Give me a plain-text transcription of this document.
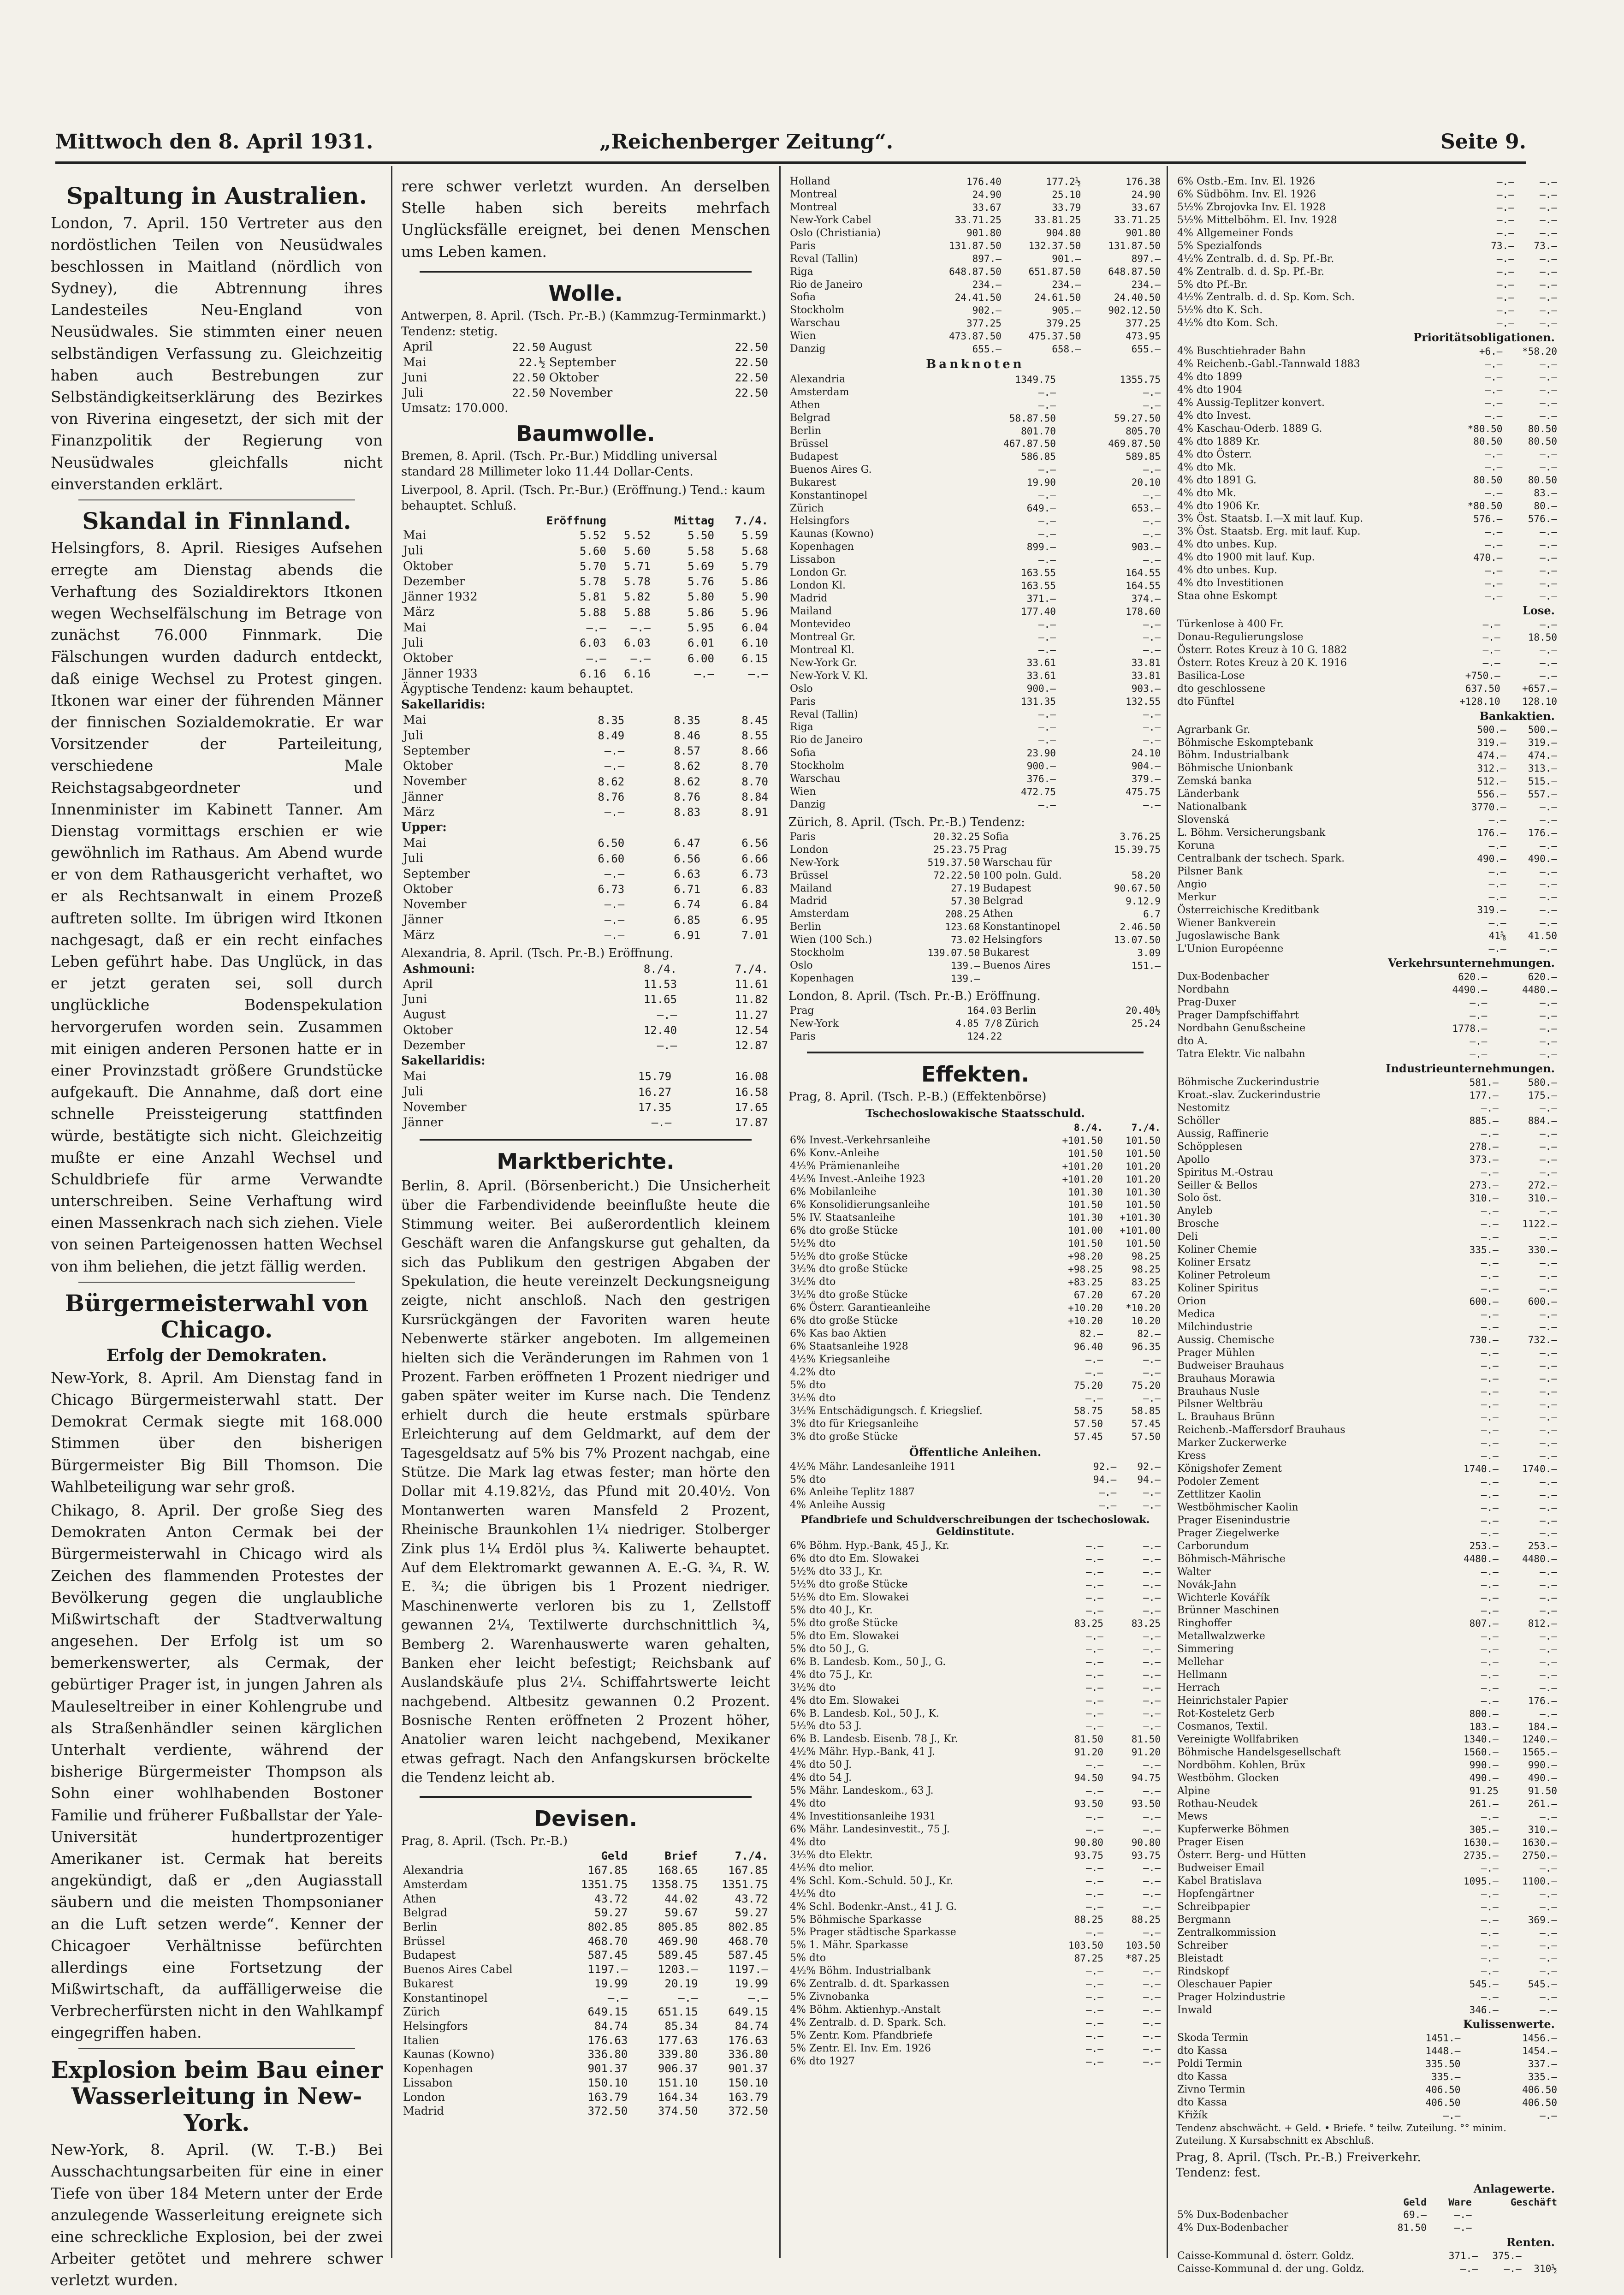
Mittwoch den 8. April 1931.	„Reichenberger Zeitung“.	Seite 9.
Spaltung in Australien.

London, 7. April. 150 Vertreter aus den nordöstlichen Teilen von Neusüdwales beschlossen in Maitland (nördlich von Sydney), die Abtrennung ihres Landesteiles Neu-England von Neusüdwales. Sie stimmten einer neuen selbständigen Verfassung zu. Gleichzeitig haben auch Bestrebungen zur Selbständigkeitserklärung des Bezirkes von Riverina eingesetzt, der sich mit der Finanzpolitik der Regierung von Neusüdwales gleichfalls nicht einverstanden erklärt.

Skandal in Finnland.

Helsingfors, 8. April. Riesiges Aufsehen erregte am Dienstag abends die Verhaftung des Sozialdirektors Itkonen wegen Wechselfälschung im Betrage von zunächst 76.000 Finnmark. Die Fälschungen wurden dadurch entdeckt, daß einige Wechsel zu Protest gingen. Itkonen war einer der führenden Männer der finnischen Sozialdemokratie. Er war Vorsitzender der Parteileitung, verschiedene Male Reichstagsabgeordneter und Innenminister im Kabinett Tanner. Am Dienstag vormittags erschien er wie gewöhnlich im Rathaus. Am Abend wurde er von dem Rathausgericht verhaftet, wo er als Rechtsanwalt in einem Prozeß auftreten sollte. Im übrigen wird Itkonen nachgesagt, daß er ein recht einfaches Leben geführt habe. Das Unglück, in das er jetzt geraten sei, soll durch unglückliche Bodenspekulation hervorgerufen worden sein. Zusammen mit einigen anderen Personen hatte er in einer Provinzstadt größere Grundstücke aufgekauft. Die Annahme, daß dort eine schnelle Preissteigerung stattfinden würde, bestätigte sich nicht. Gleichzeitig mußte er eine Anzahl Wechsel und Schuldbriefe für arme Verwandte unterschreiben. Seine Verhaftung wird einen Massenkrach nach sich ziehen. Viele von seinen Parteigenossen hatten Wechsel von ihm beliehen, die jetzt fällig werden.

Bürgermeisterwahl von Chicago.
Erfolg der Demokraten.

New-York, 8. April. Am Dienstag fand in Chicago Bürgermeisterwahl statt. Der Demokrat Cermak siegte mit 168.000 Stimmen über den bisherigen Bürgermeister Big Bill Thomson. Die Wahlbeteiligung war sehr groß.

Chikago, 8. April. Der große Sieg des Demokraten Anton Cermak bei der Bürgermeisterwahl in Chicago wird als Zeichen des flammenden Protestes der Bevölkerung gegen die unglaubliche Mißwirtschaft der Stadtverwaltung angesehen. Der Erfolg ist um so bemerkenswerter, als Cermak, der gebürtiger Prager ist, in jungen Jahren als Mauleseltreiber in einer Kohlengrube und als Straßenhändler seinen kärglichen Unterhalt verdiente, während der bisherige Bürgermeister Thompson als Sohn einer wohlhabenden Bostoner Familie und früherer Fußballstar der Yale-Universität hundertprozentiger Amerikaner ist. Cermak hat bereits angekündigt, daß er „den Augiasstall säubern und die meisten Thompsonianer an die Luft setzen werde“. Kenner der Chicagoer Verhältnisse befürchten allerdings eine Fortsetzung der Mißwirtschaft, da auffälligerweise die Verbrecherfürsten nicht in den Wahlkampf eingegriffen haben.

Explosion beim Bau einer Wasserleitung in New-York.

New-York, 8. April. (W. T.-B.) Bei Ausschachtungsarbeiten für eine in einer Tiefe von über 184 Metern unter der Erde anzulegende Wasserleitung ereignete sich eine schreckliche Explosion, bei der zwei Arbeiter getötet und mehrere schwer verletzt wurden.

rere schwer verletzt wurden. An derselben Stelle haben sich bereits mehrfach Unglücksfälle ereignet, bei denen Menschen ums Leben kamen.

Wolle.
Antwerpen, 8. April. (Tsch. Pr.-B.) (Kammzug-Terminmarkt.) Tendenz: stetig.
April	22.50	August	22.50
Mai	22.½	September	22.50
Juni	22.50	Oktober	22.50
Juli	22.50	November	22.50
Umsatz: 170.000.
Baumwolle.
Bremen, 8. April. (Tsch. Pr.-Bur.) Middling universal standard 28 Millimeter loko 11.44 Dollar-Cents.
Liverpool, 8. April. (Tsch. Pr.-Bur.) (Eröffnung.) Tend.: kaum behauptet. Schluß.
	Eröffnung		Mittag	7./4.
Mai	5.52	5.52	5.50	5.59
Juli	5.60	5.60	5.58	5.68
Oktober	5.70	5.71	5.69	5.79
Dezember	5.78	5.78	5.76	5.86
Jänner 1932	5.81	5.82	5.80	5.90
März	5.88	5.88	5.86	5.96
Mai	—.—	—.—	5.95	6.04
Juli	6.03	6.03	6.01	6.10
Oktober	—.—	—.—	6.00	6.15
Jänner 1933	6.16	6.16	—.—	—.—
Ägyptische Tendenz: kaum behauptet.
Sakellaridis:
Mai	8.35		8.35	8.45
Juli	8.49		8.46	8.55
September	—.—		8.57	8.66
Oktober	—.—		8.62	8.70
November	8.62		8.62	8.70
Jänner	8.76		8.76	8.84
März	—.—		8.83	8.91
Upper:
Mai	6.50		6.47	6.56
Juli	6.60		6.56	6.66
September	—.—		6.63	6.73
Oktober	6.73		6.71	6.83
November	—.—		6.74	6.84
Jänner	—.—		6.85	6.95
März	—.—		6.91	7.01
Alexandria, 8. April. (Tsch. Pr.-B.) Eröffnung.
Ashmouni:	8./4.	7./4.
April	11.53	11.61
Juni	11.65	11.82
August	—.—	11.27
Oktober	12.40	12.54
Dezember	—.—	12.87
Sakellaridis:
Mai	15.79	16.08
Juli	16.27	16.58
November	17.35	17.65
Jänner	—.—	17.87
Marktberichte.

Berlin, 8. April. (Börsenbericht.) Die Unsicherheit über die Farbendividende beeinflußte heute die Stimmung weiter. Bei außerordentlich kleinem Geschäft waren die Anfangskurse gut gehalten, da sich das Publikum den gestrigen Abgaben der Spekulation, die heute vereinzelt Deckungsneigung zeigte, nicht anschloß. Nach den gestrigen Kursrückgängen der Favoriten waren heute Nebenwerte stärker angeboten. Im allgemeinen hielten sich die Veränderungen im Rahmen von 1 Prozent. Farben eröffneten 1 Prozent niedriger und gaben später weiter im Kurse nach. Die Tendenz erhielt durch die heute erstmals spürbare Erleichterung auf dem Geldmarkt, auf dem der Tagesgeldsatz auf 5% bis 7% Prozent nachgab, eine Stütze. Die Mark lag etwas fester; man hörte den Dollar mit 4.19.82½, das Pfund mit 20.40½. Von Montanwerten waren Mansfeld 2 Prozent, Rheinische Braunkohlen 1¼ niedriger. Stolberger Zink plus 1¼ Erdöl plus ¾. Kaliwerte behauptet. Auf dem Elektromarkt gewannen A. E.-G. ¾, R. W. E. ¾; die übrigen bis 1 Prozent niedriger. Maschinenwerte verloren bis zu 1, Zellstoff gewannen 2¼, Textilwerte durchschnittlich ¾, Bemberg 2. Warenhauswerte waren gehalten, Banken eher leicht befestigt; Reichsbank auf Auslandskäufe plus 2¼. Schiffahrtswerte leicht nachgebend. Altbesitz gewannen 0.2 Prozent. Bosnische Renten eröffneten 2 Prozent höher, Anatolier waren leicht nachgebend, Mexikaner etwas gefragt. Nach den Anfangskursen bröckelte die Tendenz leicht ab.

Devisen.
Prag, 8. April. (Tsch. Pr.-B.)
	Geld	Brief	7./4.
Alexandria	167.85	168.65	167.85
Amsterdam	1351.75	1358.75	1351.75
Athen	43.72	44.02	43.72
Belgrad	59.27	59.67	59.27
Berlin	802.85	805.85	802.85
Brüssel	468.70	469.90	468.70
Budapest	587.45	589.45	587.45
Buenos Aires Cabel	1197.—	1203.—	1197.—
Bukarest	19.99	20.19	19.99
Konstantinopel	—.—	—.—	—.—
Zürich	649.15	651.15	649.15
Helsingfors	84.74	85.34	84.74
Italien	176.63	177.63	176.63
Kaunas (Kowno)	336.80	339.80	336.80
Kopenhagen	901.37	906.37	901.37
Lissabon	150.10	151.10	150.10
London	163.79	164.34	163.79
Madrid	372.50	374.50	372.50
Holland	176.40	177.2½	176.38
Montreal	24.90	25.10	24.90
Montreal	33.67	33.79	33.67
New-York Cabel	33.71.25	33.81.25	33.71.25
Oslo (Christiania)	901.80	904.80	901.80
Paris	131.87.50	132.37.50	131.87.50
Reval (Tallin)	897.—	901.—	897.—
Riga	648.87.50	651.87.50	648.87.50
Rio de Janeiro	234.—	234.—	234.—
Sofia	24.41.50	24.61.50	24.40.50
Stockholm	902.—	905.—	902.12.50
Warschau	377.25	379.25	377.25
Wien	473.87.50	475.37.50	473.95
Danzig	655.—	658.—	655.—
Banknoten
Alexandria	1349.75	1355.75
Amsterdam	—.—	—.—
Athen	—.—	—.—
Belgrad	58.87.50	59.27.50
Berlin	801.70	805.70
Brüssel	467.87.50	469.87.50
Budapest	586.85	589.85
Buenos Aires G.	—.—	—.—
Bukarest	19.90	20.10
Konstantinopel	—.—	—.—
Zürich	649.—	653.—
Helsingfors	—.—	—.—
Kaunas (Kowno)	—.—	—.—
Kopenhagen	899.—	903.—
Lissabon	—.—	—.—
London Gr.	163.55	164.55
London Kl.	163.55	164.55
Madrid	371.—	374.—
Mailand	177.40	178.60
Montevideo	—.—	—.—
Montreal Gr.	—.—	—.—
Montreal Kl.	—.—	—.—
New-York Gr.	33.61	33.81
New-York V. Kl.	33.61	33.81
Oslo	900.—	903.—
Paris	131.35	132.55
Reval (Tallin)	—.—	—.—
Riga	—.—	—.—
Rio de Janeiro	—.—	—.—
Sofia	23.90	24.10
Stockholm	900.—	904.—
Warschau	376.—	379.—
Wien	472.75	475.75
Danzig	—.—	—.—
Zürich, 8. April. (Tsch. Pr.-B.) Tendenz:
Paris	20.32.25	Sofia	3.76.25
London	25.23.75	Prag	15.39.75
New-York	519.37.50	Warschau für	
Brüssel	72.22.50	100 poln. Guld.	58.20
Mailand	27.19	Budapest	90.67.50
Madrid	57.30	Belgrad	9.12.9
Amsterdam	208.25	Athen	6.7
Berlin	123.68	Konstantinopel	2.46.50
Wien (100 Sch.)	73.02	Helsingfors	13.07.50
Stockholm	139.07.50	Bukarest	3.09
Oslo	139.—	Buenos Aires	151.—
Kopenhagen	139.—		
London, 8. April. (Tsch. Pr.-B.) Eröffnung.
Prag	164.03	Berlin	20.40½
New-York	4.85 7/8	Zürich	25.24
Paris	124.22		
Effekten.
Prag, 8. April. (Tsch. P.-B.) (Effektenbörse)
Tschechoslowakische Staatsschuld.
	8./4.	7./4.
6% Invest.-Verkehrsanleihe	+101.50	101.50
6% Konv.-Anleihe	101.50	101.50
4½% Prämienanleihe	+101.20	101.20
4½% Invest.-Anleihe 1923	+101.20	101.20
6% Mobilanleihe	101.30	101.30
6% Konsolidierungsanleihe	101.50	101.50
5% IV. Staatsanleihe	101.30	+101.30
6% dto große Stücke	101.00	+101.00
5½% dto	101.50	101.50
5½% dto große Stücke	+98.20	98.25
3½% dto große Stücke	+98.25	98.25
3½% dto	+83.25	83.25
3½% dto große Stücke	67.20	67.20
6% Österr. Garantieanleihe	+10.20	*10.20
6% dto große Stücke	+10.20	10.20
6% Kas bao Aktien	82.—	82.—
6% Staatsanleihe 1928	96.40	96.35
4½% Kriegsanleihe	—.—	—.—
4.2% dto	—.—	—.—
5% dto	75.20	75.20
3½% dto	—.—	—.—
3½% Entschädigungsch. f. Kriegslief.	58.75	58.85
3% dto für Kriegsanleihe	57.50	57.45
3% dto große Stücke	57.45	57.50
Öffentliche Anleihen.
4½% Mähr. Landesanleihe 1911	92.—	92.—
5% dto	94.—	94.—
6% Anleihe Teplitz 1887	—.—	—.—
4% Anleihe Aussig	—.—	—.—
Pfandbriefe und Schuldverschreibungen der tschechoslowak. Geldinstitute.
6% Böhm. Hyp.-Bank, 45 J., Kr.	—.—	—.—
6% dto dto Em. Slowakei	—.—	—.—
5½% dto 33 J., Kr.	—.—	—.—
5½% dto große Stücke	—.—	—.—
5½% dto Em. Slowakei	—.—	—.—
5% dto 40 J., Kr.	—.—	—.—
5% dto große Stücke	83.25	83.25
5% dto Em. Slowakei	—.—	—.—
5% dto 50 J., G.	—.—	—.—
6% B. Landesb. Kom., 50 J., G.	—.—	—.—
4% dto 75 J., Kr.	—.—	—.—
3½% dto	—.—	—.—
4% dto Em. Slowakei	—.—	—.—
6% B. Landesb. Kol., 50 J., K.	—.—	—.—
5½% dto 53 J.	—.—	—.—
6% B. Landesb. Eisenb. 78 J., Kr.	81.50	81.50
4½% Mähr. Hyp.-Bank, 41 J.	91.20	91.20
4% dto 50 J.	—.—	—.—
4% dto 54 J.	94.50	94.75
5% Mähr. Landeskom., 63 J.	—.—	—.—
4% dto	93.50	93.50
4% Investitionsanleihe 1931	—.—	—.—
6% Mähr. Landesinvestit., 75 J.	—.—	—.—
4% dto	90.80	90.80
3½% dto Elektr.	93.75	93.75
4½% dto melior.	—.—	—.—
4% Schl. Kom.-Schuld. 50 J., Kr.	—.—	—.—
4½% dto	—.—	—.—
4% Schl. Bodenkr.-Anst., 41 J. G.	—.—	—.—
5% Böhmische Sparkasse	88.25	88.25
5% Prager städtische Sparkasse	—.—	—.—
5% 1. Mähr. Sparkasse	103.50	103.50
5% dto	87.25	*87.25
4½% Böhm. Industrialbank	—.—	—.—
6% Zentralb. d. dt. Sparkassen	—.—	—.—
5% Zivnobanka	—.—	—.—
4% Böhm. Aktienhyp.-Anstalt	—.—	—.—
4% Zentralb. d. D. Spark. Sch.	—.—	—.—
5% Zentr. Kom. Pfandbriefe	—.—	—.—
5% Zentr. El. Inv. Em. 1926	—.—	—.—
6% dto 1927	—.—	—.—
6% Ostb.-Em. Inv. El. 1926	—.—	—.—
6% Südböhm. Inv. El. 1926	—.—	—.—
5½% Zbrojovka Inv. El. 1928	—.—	—.—
5½% Mittelböhm. El. Inv. 1928	—.—	—.—
4% Allgemeiner Fonds	—.—	—.—
5% Spezialfonds	73.—	73.—
4½% Zentralb. d. d. Sp. Pf.-Br.	—.—	—.—
4% Zentralb. d. d. Sp. Pf.-Br.	—.—	—.—
5% dto Pf.-Br.	—.—	—.—
4½% Zentralb. d. d. Sp. Kom. Sch.	—.—	—.—
5½% dto K. Sch.	—.—	—.—
4½% dto Kom. Sch.	—.—	—.—
Prioritätsobligationen.
4% Buschtiehrader Bahn	+6.—	*58.20
4% Reichenb.-Gabl.-Tannwald 1883	—.—	—.—
4% dto 1899	—.—	—.—
4% dto 1904	—.—	—.—
4% Aussig-Teplitzer konvert.	—.—	—.—
4% dto Invest.	—.—	—.—
4% Kaschau-Oderb. 1889 G.	*80.50	80.50
4% dto 1889 Kr.	80.50	80.50
4% dto Österr.	—.—	—.—
4% dto Mk.	—.—	—.—
4% dto 1891 G.	80.50	80.50
4% dto Mk.	—.—	83.—
4% dto 1906 Kr.	*80.50	80.—
3% Öst. Staatsb. I.—X mit lauf. Kup.	576.—	576.—
3% Öst. Staatsb. Erg. mit lauf. Kup.	—.—	—.—
4% dto unbes. Kup.	—.—	—.—
4% dto 1900 mit lauf. Kup.	470.—	—.—
4% dto unbes. Kup.	—.—	—.—
4% dto Investitionen	—.—	—.—
Staa ohne Eskompt	—.—	—.—
Lose.
Türkenlose à 400 Fr.	—.—	—.—
Donau-Regulierungslose	—.—	18.50
Österr. Rotes Kreuz à 10 G. 1882	—.—	—.—
Österr. Rotes Kreuz à 20 K. 1916	—.—	—.—
Basilica-Lose	+750.—	—.—
dto geschlossene	637.50	+657.—
dto Fünftel	+128.10	128.10
Bankaktien.
Agrarbank Gr.	500.—	500.—
Böhmische Eskomptebank	319.—	319.—
Böhm. Industrialbank	474.—	474.—
Böhmische Unionbank	312.—	313.—
Zemská banka	512.—	515.—
Länderbank	556.—	557.—
Nationalbank	3770.—	—.—
Slovenská	—.—	—.—
L. Böhm. Versicherungsbank	176.—	176.—
Koruna	—.—	—.—
Centralbank der tschech. Spark.	490.—	490.—
Pilsner Bank	—.—	—.—
Angio	—.—	—.—
Merkur	—.—	—.—
Österreichische Kreditbank	319.—	—.—
Wiener Bankverein	—.—	—.—
Jugoslawische Bank	41⅝	41.50
L'Union Européenne	—.—	—.—
Verkehrsunternehmungen.
Dux-Bodenbacher	620.—	620.—
Nordbahn	4490.—	4480.—
Prag-Duxer	—.—	—.—
Prager Dampfschiffahrt	—.—	—.—
Nordbahn Genußscheine	1778.—	—.—
dto A.	—.—	—.—
Tatra Elektr. Vic nalbahn	—.—	—.—
Industrieunternehmungen.
Böhmische Zuckerindustrie	581.—	580.—
Kroat.-slav. Zuckerindustrie	177.—	175.—
Nestomitz	—.—	—.—
Schöller	885.—	884.—
Aussig, Raffinerie	—.—	—.—
Schöpplesen	278.—	—.—
Apollo	373.—	—.—
Spiritus M.-Ostrau	—.—	—.—
Seiller & Bellos	273.—	272.—
Solo öst.	310.—	310.—
Anyleb	—.—	—.—
Brosche	—.—	1122.—
Deli	—.—	—.—
Koliner Chemie	335.—	330.—
Koliner Ersatz	—.—	—.—
Koliner Petroleum	—.—	—.—
Koliner Spiritus	—.—	—.—
Orion	600.—	600.—
Medica	—.—	—.—
Milchindustrie	—.—	—.—
Aussig. Chemische	730.—	732.—
Prager Mühlen	—.—	—.—
Budweiser Brauhaus	—.—	—.—
Brauhaus Morawia	—.—	—.—
Brauhaus Nusle	—.—	—.—
Pilsner Weltbräu	—.—	—.—
L. Brauhaus Brünn	—.—	—.—
Reichenb.-Maffersdorf Brauhaus	—.—	—.—
Marker Zuckerwerke	—.—	—.—
Kress	—.—	—.—
Königshofer Zement	1740.—	1740.—
Podoler Zement	—.—	—.—
Zettlitzer Kaolin	—.—	—.—
Westböhmischer Kaolin	—.—	—.—
Prager Eisenindustrie	—.—	—.—
Prager Ziegelwerke	—.—	—.—
Carborundum	253.—	253.—
Böhmisch-Mährische	4480.—	4480.—
Walter	—.—	—.—
Novák-Jahn	—.—	—.—
Wichterle Kovářík	—.—	—.—
Brünner Maschinen	—.—	—.—
Ringhoffer	807.—	812.—
Metallwalzwerke	—.—	—.—
Simmering	—.—	—.—
Mellehar	—.—	—.—
Hellmann	—.—	—.—
Herrach	—.—	—.—
Heinrichstaler Papier	—.—	176.—
Rot-Kosteletz Gerb	800.—	—.—
Cosmanos, Textil.	183.—	184.—
Vereinigte Wollfabriken	1340.—	1240.—
Böhmische Handelsgesellschaft	1560.—	1565.—
Nordböhm. Kohlen, Brüx	990.—	990.—
Westböhm. Glocken	490.—	490.—
Alpine	91.25	91.50
Rothau-Neudek	261.—	261.—
Mews	—.—	—.—
Kupferwerke Böhmen	305.—	310.—
Prager Eisen	1630.—	1630.—
Österr. Berg- und Hütten	2735.—	2750.—
Budweiser Email	—.—	—.—
Kabel Bratislava	1095.—	1100.—
Hopfengärtner	—.—	—.—
Schreibpapier	—.—	—.—
Bergmann	—.—	369.—
Zentralkommission	—.—	—.—
Schreiber	—.—	—.—
Bleistadt	—.—	—.—
Rindskopf	—.—	—.—
Oleschauer Papier	545.—	545.—
Prager Holzindustrie	—.—	—.—
Inwald	346.—	—.—
Kulissenwerte.
Skoda Termin	1451.—	1456.—
dto Kassa	1448.—	1454.—
Poldi Termin	335.50	337.—
dto Kassa	335.—	335.—
Zivno Termin	406.50	406.50
dto Kassa	406.50	406.50
Křižík	—.—	—.—
Tendenz abschwächt. + Geld. • Briefe. ° teilw. Zuteilung. °° minim. Zuteilung. Ⅹ Kursabschnitt ex Abschluß.
Prag, 8. April. (Tsch. Pr.-B.) Freiverkehr.
Tendenz: fest.
Anlagewerte.
	Geld	Ware	Geschäft
5% Dux-Bodenbacher	69.—	—.—	
4% Dux-Bodenbacher	81.50	—.—	
Renten.
Caisse-Kommunal d. österr. Goldz.	371.—	375.—	
Caisse-Kommunal d. der ung. Goldz.	—.—	—.—	310½
